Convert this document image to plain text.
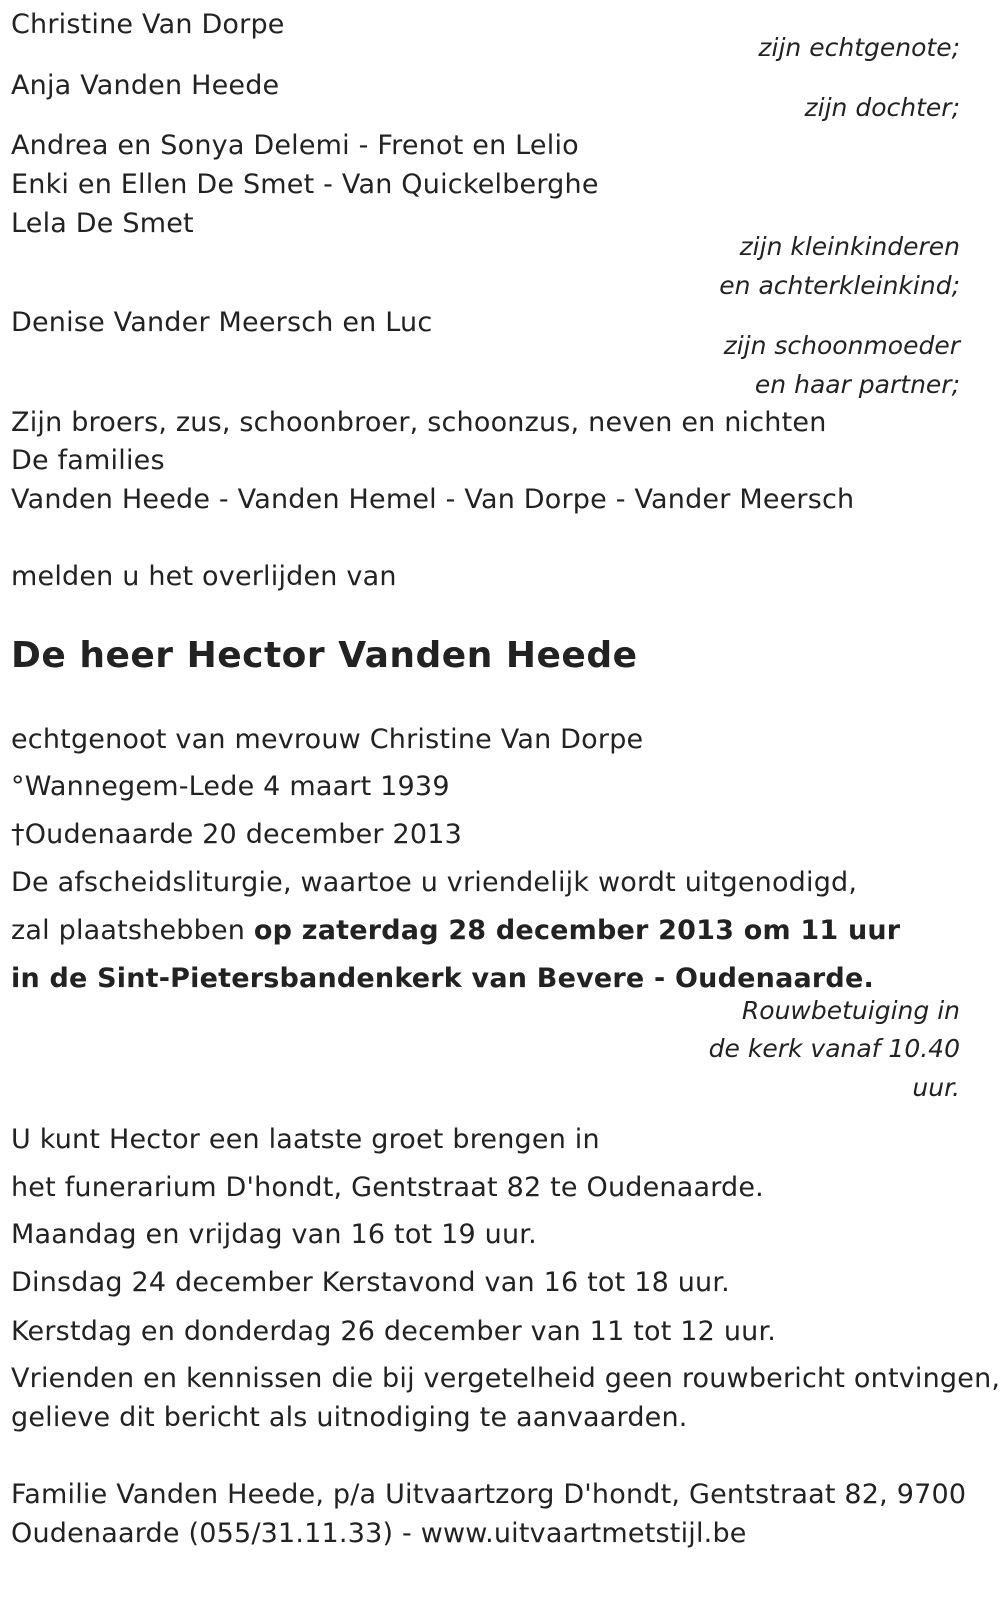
Christine Van Dorpe
zijn echtgenote;
Anja Vanden Heede
zijn dochter;
Andrea en Sonya Delemi - Frenot en Lelio
Enki en Ellen De Smet - Van Quickelberghe
Lela De Smet
zijn kleinkinderen
en achterkleinkind;
Denise Vander Meersch en Luc
zijn schoonmoeder
en haar partner;
Zijn broers, zus, schoonbroer, schoonzus, neven en nichten
De families
Vanden Heede - Vanden Hemel - Van Dorpe - Vander Meersch
melden u het overlijden van
De heer Hector Vanden Heede
echtgenoot van mevrouw Christine Van Dorpe
°Wannegem-Lede 4 maart 1939
†Oudenaarde 20 december 2013
De afscheidsliturgie, waartoe u vriendelijk wordt uitgenodigd,
zal plaatshebben op zaterdag 28 december 2013 om 11 uur
in de Sint-Pietersbandenkerk van Bevere - Oudenaarde.
Rouwbetuiging in
de kerk vanaf 10.40
uur.
U kunt Hector een laatste groet brengen in
het funerarium D'hondt, Gentstraat 82 te Oudenaarde.
Maandag en vrijdag van 16 tot 19 uur.
Dinsdag 24 december Kerstavond van 16 tot 18 uur.
Kerstdag en donderdag 26 december van 11 tot 12 uur.
Vrienden en kennissen die bij vergetelheid geen rouwbericht ontvingen,
gelieve dit bericht als uitnodiging te aanvaarden.
Familie Vanden Heede, p/a Uitvaartzorg D'hondt, Gentstraat 82, 9700
Oudenaarde (055/31.11.33) - www.uitvaartmetstijl.be
